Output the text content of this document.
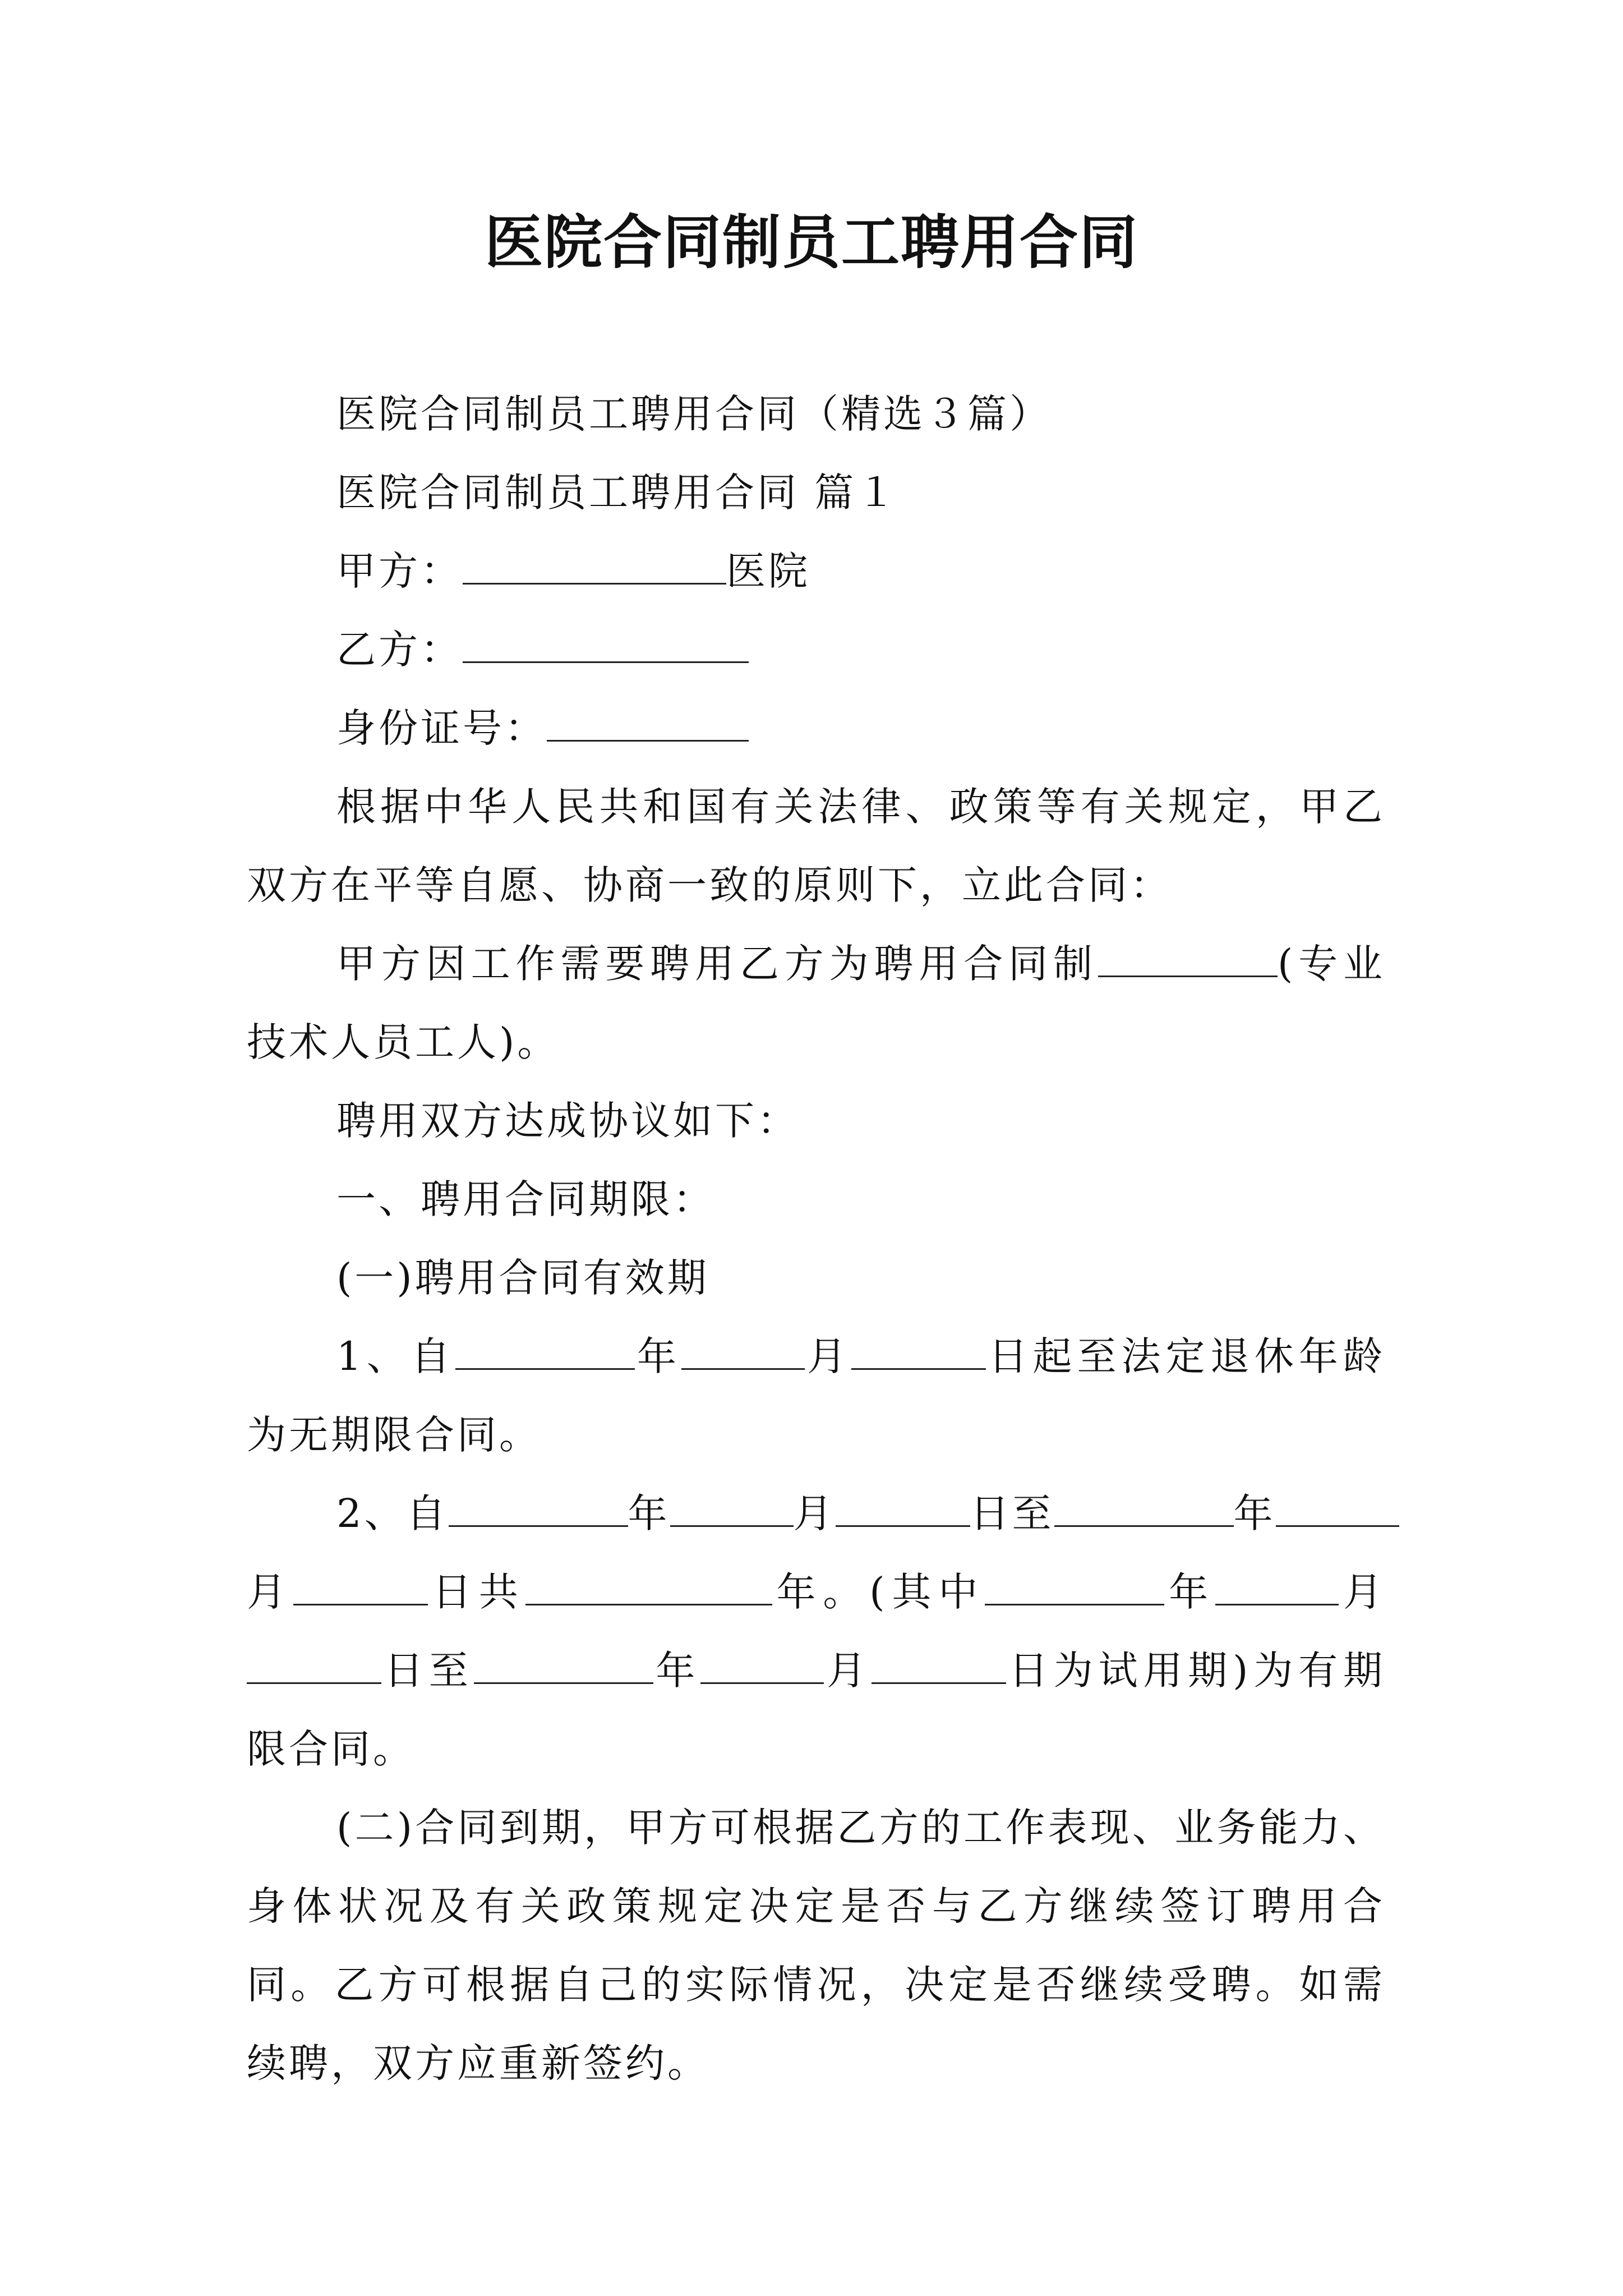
医院合同制员工聘用合同
医院合同制员工聘用合同（精选３篇）
医院合同制员工聘用合同 篇１
甲方：	医院
乙方：
身份证号：
根据中华人民共和国有关法律、政策等有关规定，甲乙
双方在平等自愿、协商一致的原则下，立此合同：
甲方因工作需要聘用乙方为聘用合同制	(专业
技术人员工人)。
聘用双方达成协议如下：
一、聘用合同期限：
(一)聘用合同有效期
1、自	年	月	日起至法定退休年龄
为无期限合同。
2、自	年	月	日至	年
月	日共	年。(其中	年	月
日至	年	月	日为试用期)为有期
限合同。
(二)合同到期，甲方可根据乙方的工作表现、业务能力、
身体状况及有关政策规定决定是否与乙方继续签订聘用合
同。乙方可根据自己的实际情况，决定是否继续受聘。如需
续聘，双方应重新签约。
